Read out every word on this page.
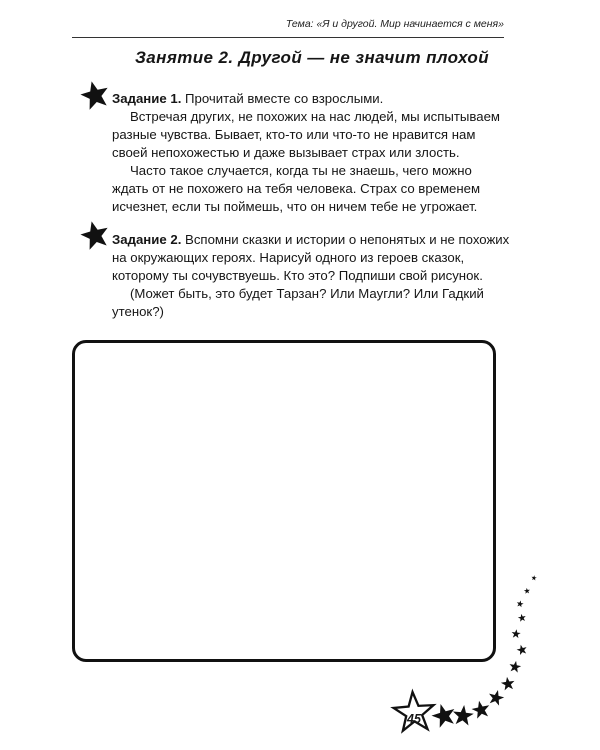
Тема: «Я и другой. Мир начинается с меня»
Занятие 2. Другой — не значит плохой

Задание 1. Прочитай вместе со взрослыми.

Встречая других, не похожих на нас людей, мы испытываем разные чувства. Бывает, кто-то или что-то не нравится нам своей непохожестью и даже вызывает страх или злость.

Часто такое случается, когда ты не знаешь, чего можно ждать от не похожего на тебя человека. Страх со временем исчезнет, если ты поймешь, что он ничем тебе не угрожает.

Задание 2. Вспомни сказки и истории о непонятых и не похожих на окружающих героях. Нарисуй одного из героев сказок, которому ты сочувствуешь. Кто это? Подпиши свой рисунок.

(Может быть, это будет Тарзан? Или Маугли? Или Гадкий утенок?)

45
